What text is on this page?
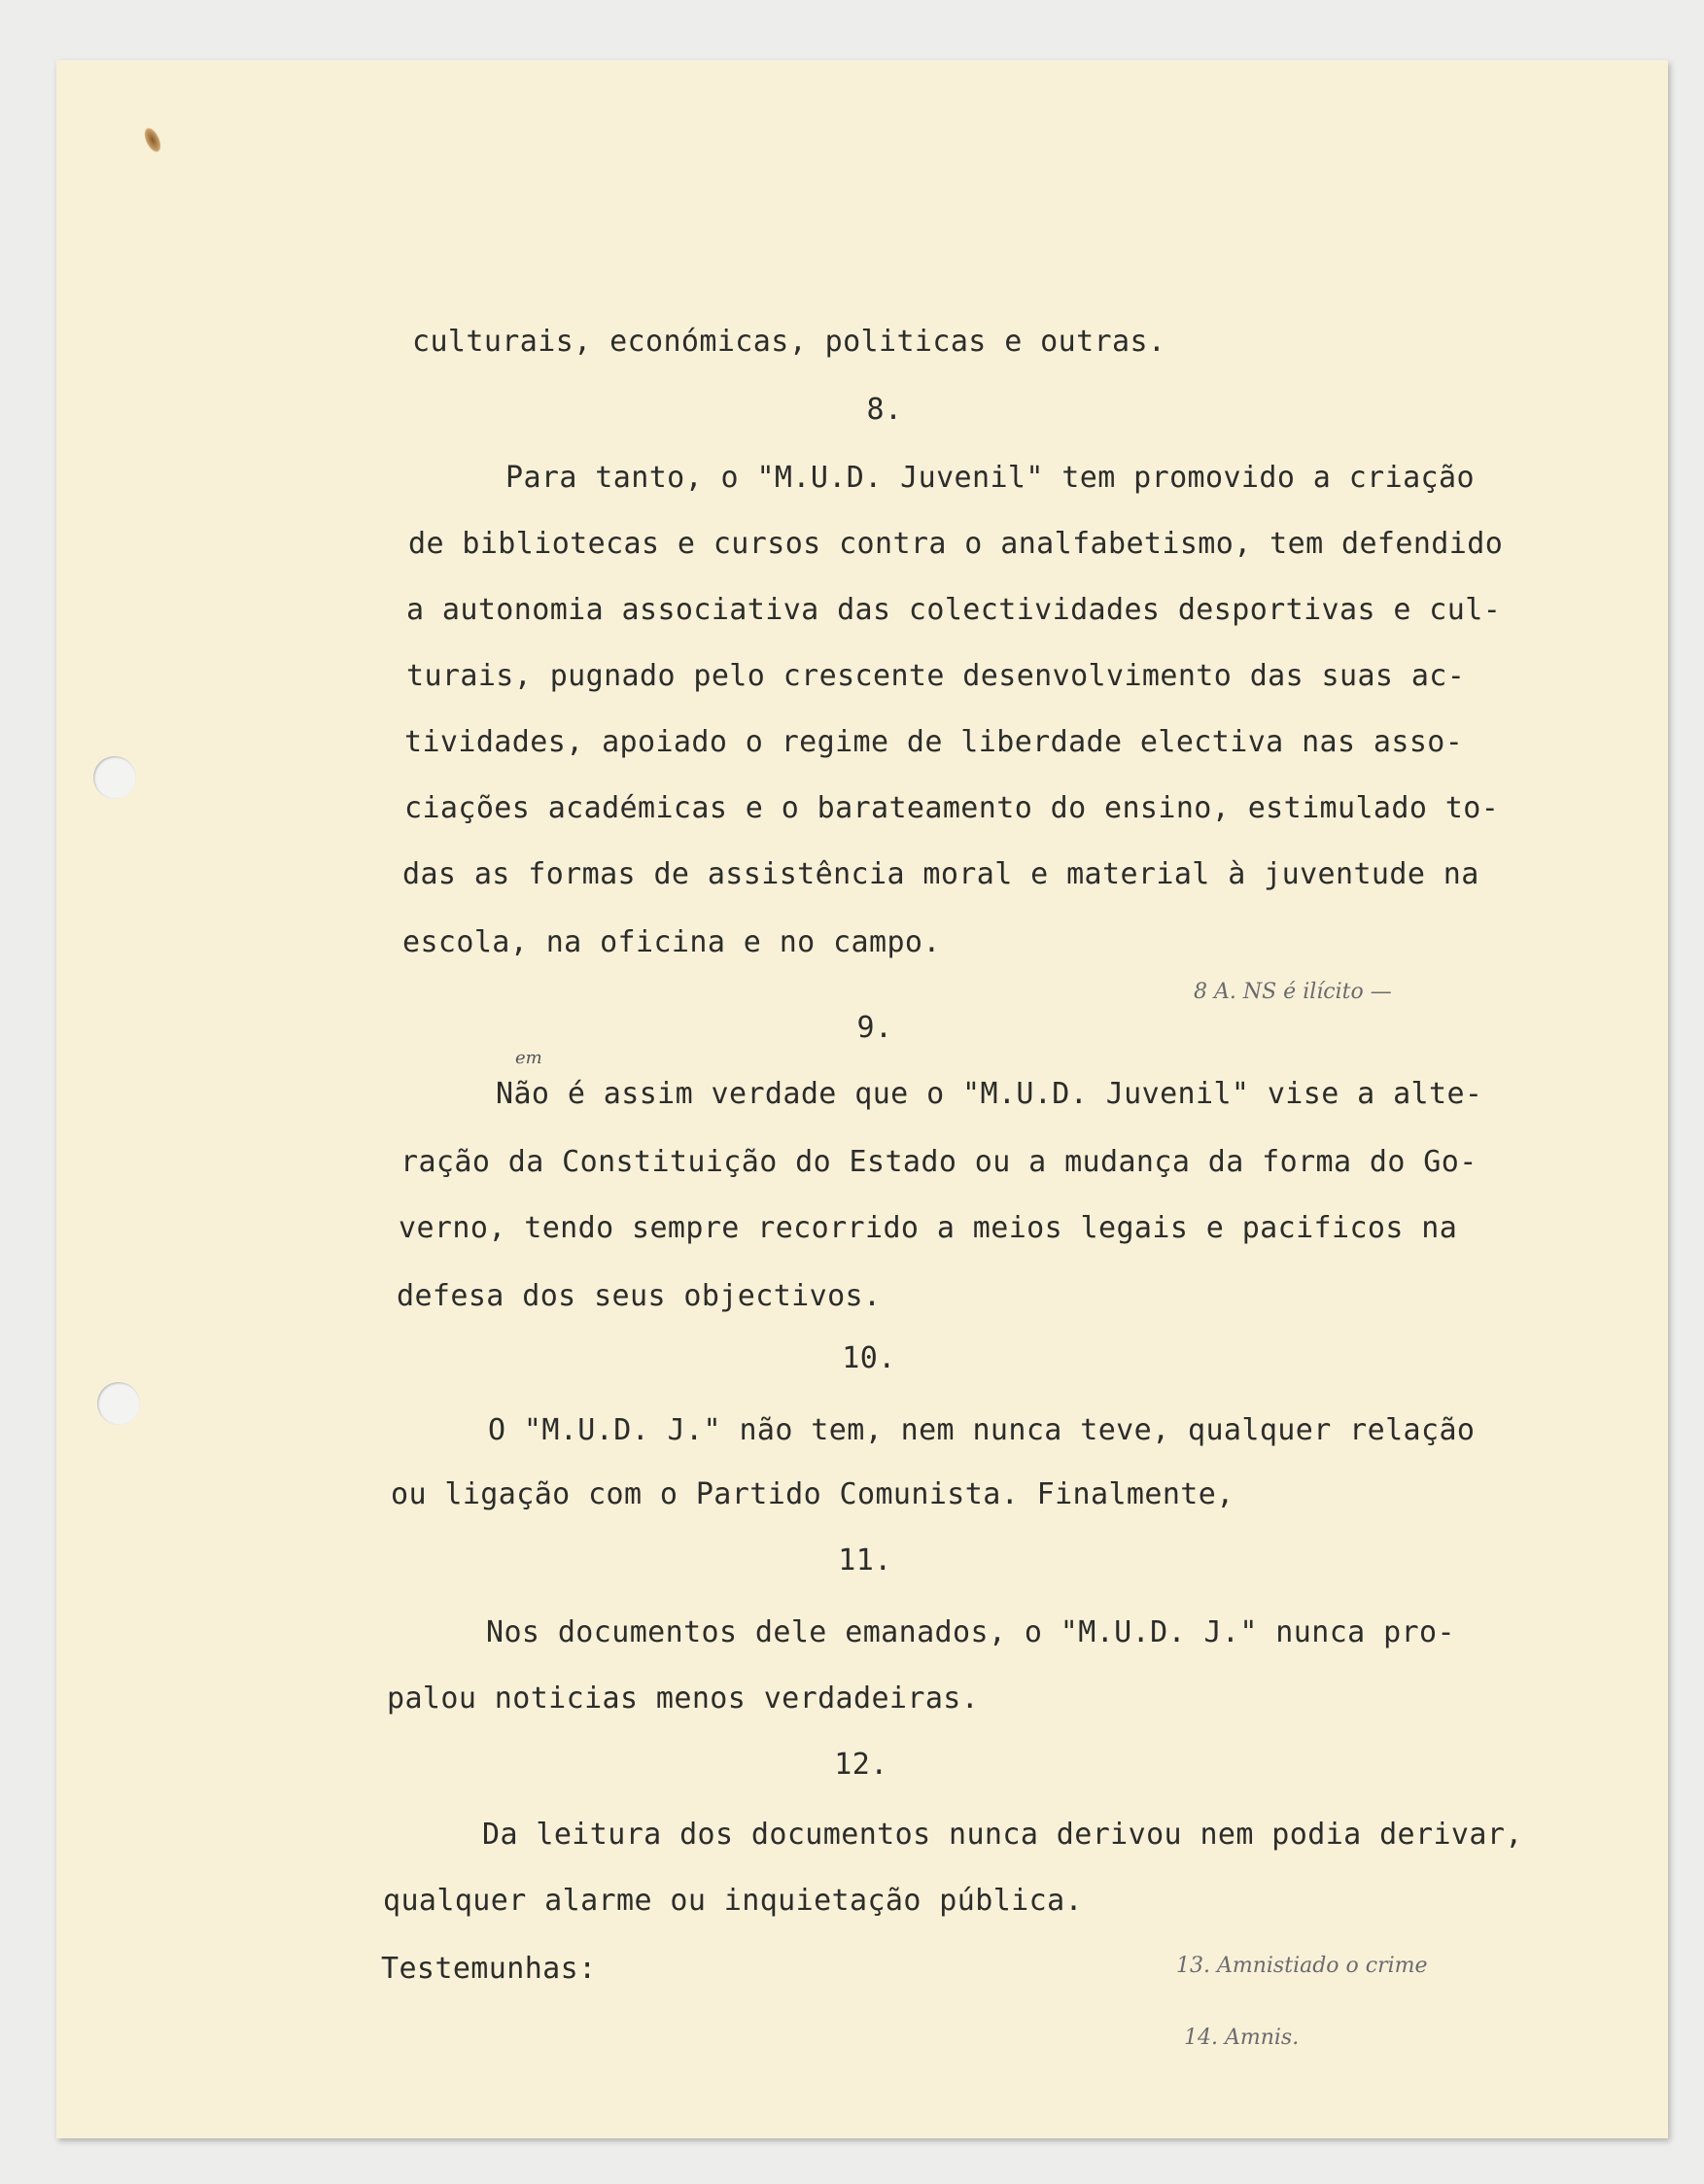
culturais, económicas, politicas e outras.

8.

Para tanto, o "M.U.D. Juvenil" tem promovido a criação

de bibliotecas e cursos contra o analfabetismo, tem defendido

a autonomia associativa das colectividades desportivas e cul-

turais, pugnado pelo crescente desenvolvimento das suas ac-

tividades, apoiado o regime de liberdade electiva nas asso-

ciações académicas e o barateamento do ensino, estimulado to-

das as formas de assistência moral e material à juventude na

escola, na oficina e no campo.

8 A. NS é ilícito —

9.

em

Não é assim verdade que o "M.U.D. Juvenil" vise a alte-

ração da Constituição do Estado ou a mudança da forma do Go-

verno, tendo sempre recorrido a meios legais e pacificos na

defesa dos seus objectivos.

10.

O "M.U.D. J." não tem, nem nunca teve, qualquer relação

ou ligação com o Partido Comunista. Finalmente,

11.

Nos documentos dele emanados, o "M.U.D. J." nunca pro-

palou noticias menos verdadeiras.

12.

Da leitura dos documentos nunca derivou nem podia derivar,

qualquer alarme ou inquietação pública.

Testemunhas:	13. Amnistiado o crime
14. Amnis.
